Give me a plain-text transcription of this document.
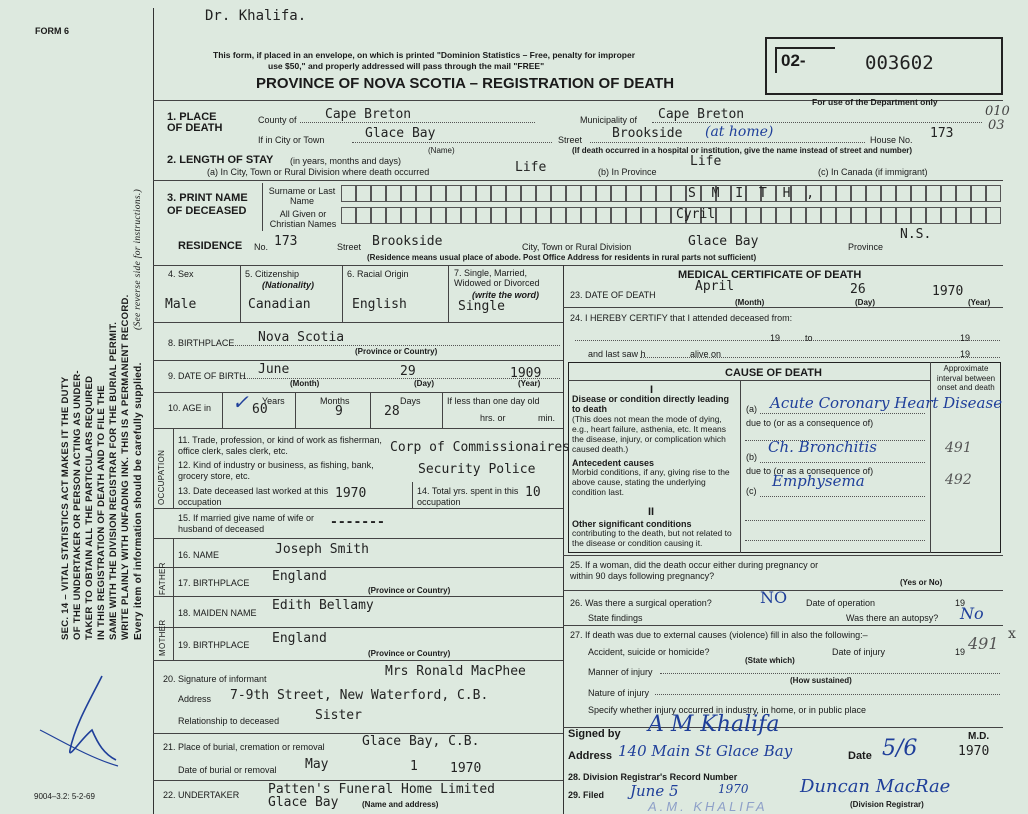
FORM 6
SEC. 14 – VITAL STATISTICS ACT MAKES IT THE DUTY OF THE UNDERTAKER OR PERSON ACTING AS UNDER- TAKER TO OBTAIN ALL THE PARTICULARS REQUIRED IN THIS REGISTRATION OF DEATH AND TO FILE THE SAME WITH THE DIVISION REGISTRAR FOR THE BURIAL PERMIT. WRITE PLAINLY WITH UNFADING INK. THIS IS A PERMANENT RECORD. Every item of information should be carefully supplied.
(See reverse side for instructions.)
9004–3.2: 5-2-69
Dr. Khalifa.
This form, if placed in an envelope, on which is printed "Dominion Statistics – Free, penalty for improper
use $50," and properly addressed will pass through the mail "FREE"
PROVINCE OF NOVA SCOTIA – REGISTRATION OF DEATH
02-	003602
For use of the Department only
010
03
1. PLACE OF DEATH
County of Cape Breton	Municipality of Cape Breton
If in City or Town	Glace Bay	Street Brookside (at home)	House No. 173
(Name)	(If death occurred in a hospital or institution, give the name instead of street and number)
2. LENGTH OF STAY (in years, months and days)
(a) In City, Town or Rural Division where death occurred	Life	(b) In Province
Life
(c) In Canada (if immigrant)
3. PRINT NAME OF DECEASED
Surname or Last Name
All Given or Christian Names
S M I T H ,
Cyril
RESIDENCE No. 173	Street Brookside	City, Town or Rural Division	Glace Bay	Province
N.S.
(Residence means usual place of abode. Post Office Address for residents in rural parts not sufficient)
4. Sex
Male
5. Citizenship
(Nationality)
Canadian
6. Racial Origin
English
7. Single, Married, Widowed or Divorced
(write the word)
Single
8. BIRTHPLACE Nova Scotia
(Province or Country)
9. DATE OF BIRTH June	29	1909
(Month)	(Day)	(Year)
10. AGE in
Years	Months	Days
✓ 60	9	28
If less than one day old
hrs. or	min.
OCCUPATION
11. Trade, profession, or kind of work as fisherman, office clerk, sales clerk, etc.	Corp of Commissionaires
12. Kind of industry or business, as fishing, bank, grocery store, etc.	Security Police
13. Date deceased last worked at this occupation
1970	14. Total yrs. spent in this occupation
10
15. If married give name of wife or husband of deceased	-------
FATHER
16. NAME	Joseph Smith
17. BIRTHPLACE England
(Province or Country)
MOTHER
18. MAIDEN NAME Edith Bellamy
19. BIRTHPLACE England
(Province or Country)
20. Signature of informant	Mrs Ronald MacPhee
Address 7-9th Street, New Waterford, C.B.
Relationship to deceased	Sister
21. Place of burial, cremation or removal	Glace Bay, C.B.
Date of burial or removal May	1 1970
22. UNDERTAKER Patten's Funeral Home Limited
Glace Bay	(Name and address)
MEDICAL CERTIFICATE OF DEATH
23. DATE OF DEATH
April	26	1970
(Month)	(Day)	(Year)
24. I HEREBY CERTIFY that I attended deceased from:
19	to	19
and last saw h	alive on	19
CAUSE OF DEATH	Approximate interval between onset and death
I
Disease or condition directly leading to death
(This does not mean the mode of dying, e.g., heart failure, asthenia, etc. It means the disease, injury, or complication which caused death.)
Antecedent causes
Morbid conditions, if any, giving rise to the above cause, stating the underlying condition last.
II
Other significant conditions
contributing to the death, but not related to the disease or condition causing it.
(a) Acute Coronary Heart Disease
due to (or as a consequence of)
(b)
Ch. Bronchitis	491
due to (or as a consequence of)
(c)
Emphysema	492
25. If a woman, did the death occur either during pregnancy or within 90 days following pregnancy?
(Yes or No)
26. Was there a surgical operation?	NO Date of operation	19
State findings	Was there an autopsy? No
27. If death was due to external causes (violence) fill in also the following:–
Accident, suicide or homicide?	Date of injury	19 491 x
(State which)
Manner of injury
(How sustained)
Nature of injury
Specify whether injury occurred in industry, in home, or in public place
Signed by A M Khalifa	M.D.
Address 140 Main St Glace Bay	Date 5/6	1970
28. Division Registrar's Record Number
29. Filed June 5	1970	Duncan MacRae
(Division Registrar)
A.M. KHALIFA
